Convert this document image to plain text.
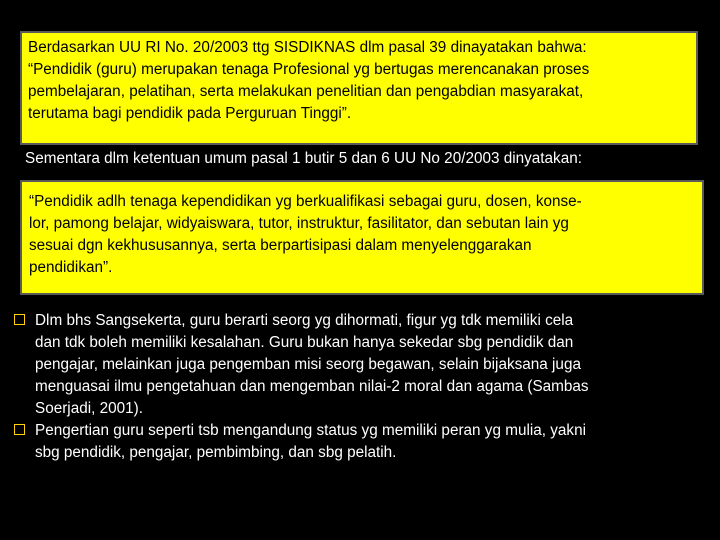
Berdasarkan UU RI No. 20/2003 ttg SISDIKNAS dlm pasal 39 dinayatakan bahwa:

“Pendidik (guru) merupakan tenaga Profesional yg bertugas merencanakan proses

pembelajaran, pelatihan, serta melakukan penelitian dan pengabdian masyarakat,

terutama bagi pendidik pada Perguruan Tinggi”.

Sementara dlm ketentuan umum pasal 1 butir 5 dan 6 UU No 20/2003 dinyatakan:

“Pendidik adlh tenaga kependidikan yg berkualifikasi sebagai guru, dosen, konse-

lor, pamong belajar, widyaiswara, tutor, instruktur, fasilitator, dan sebutan lain yg

sesuai dgn kekhususannya, serta berpartisipasi dalam menyelenggarakan

pendidikan”.

Dlm bhs Sangsekerta, guru berarti seorg yg dihormati, figur yg tdk memiliki cela
dan tdk boleh memiliki kesalahan. Guru bukan hanya sekedar sbg pendidik dan
pengajar, melainkan juga pengemban misi seorg begawan, selain bijaksana juga
menguasai ilmu pengetahuan dan mengemban nilai-2 moral dan agama (Sambas
Soerjadi, 2001).
Pengertian guru seperti tsb mengandung status yg memiliki peran yg mulia, yakni
sbg pendidik, pengajar, pembimbing, dan sbg pelatih.
